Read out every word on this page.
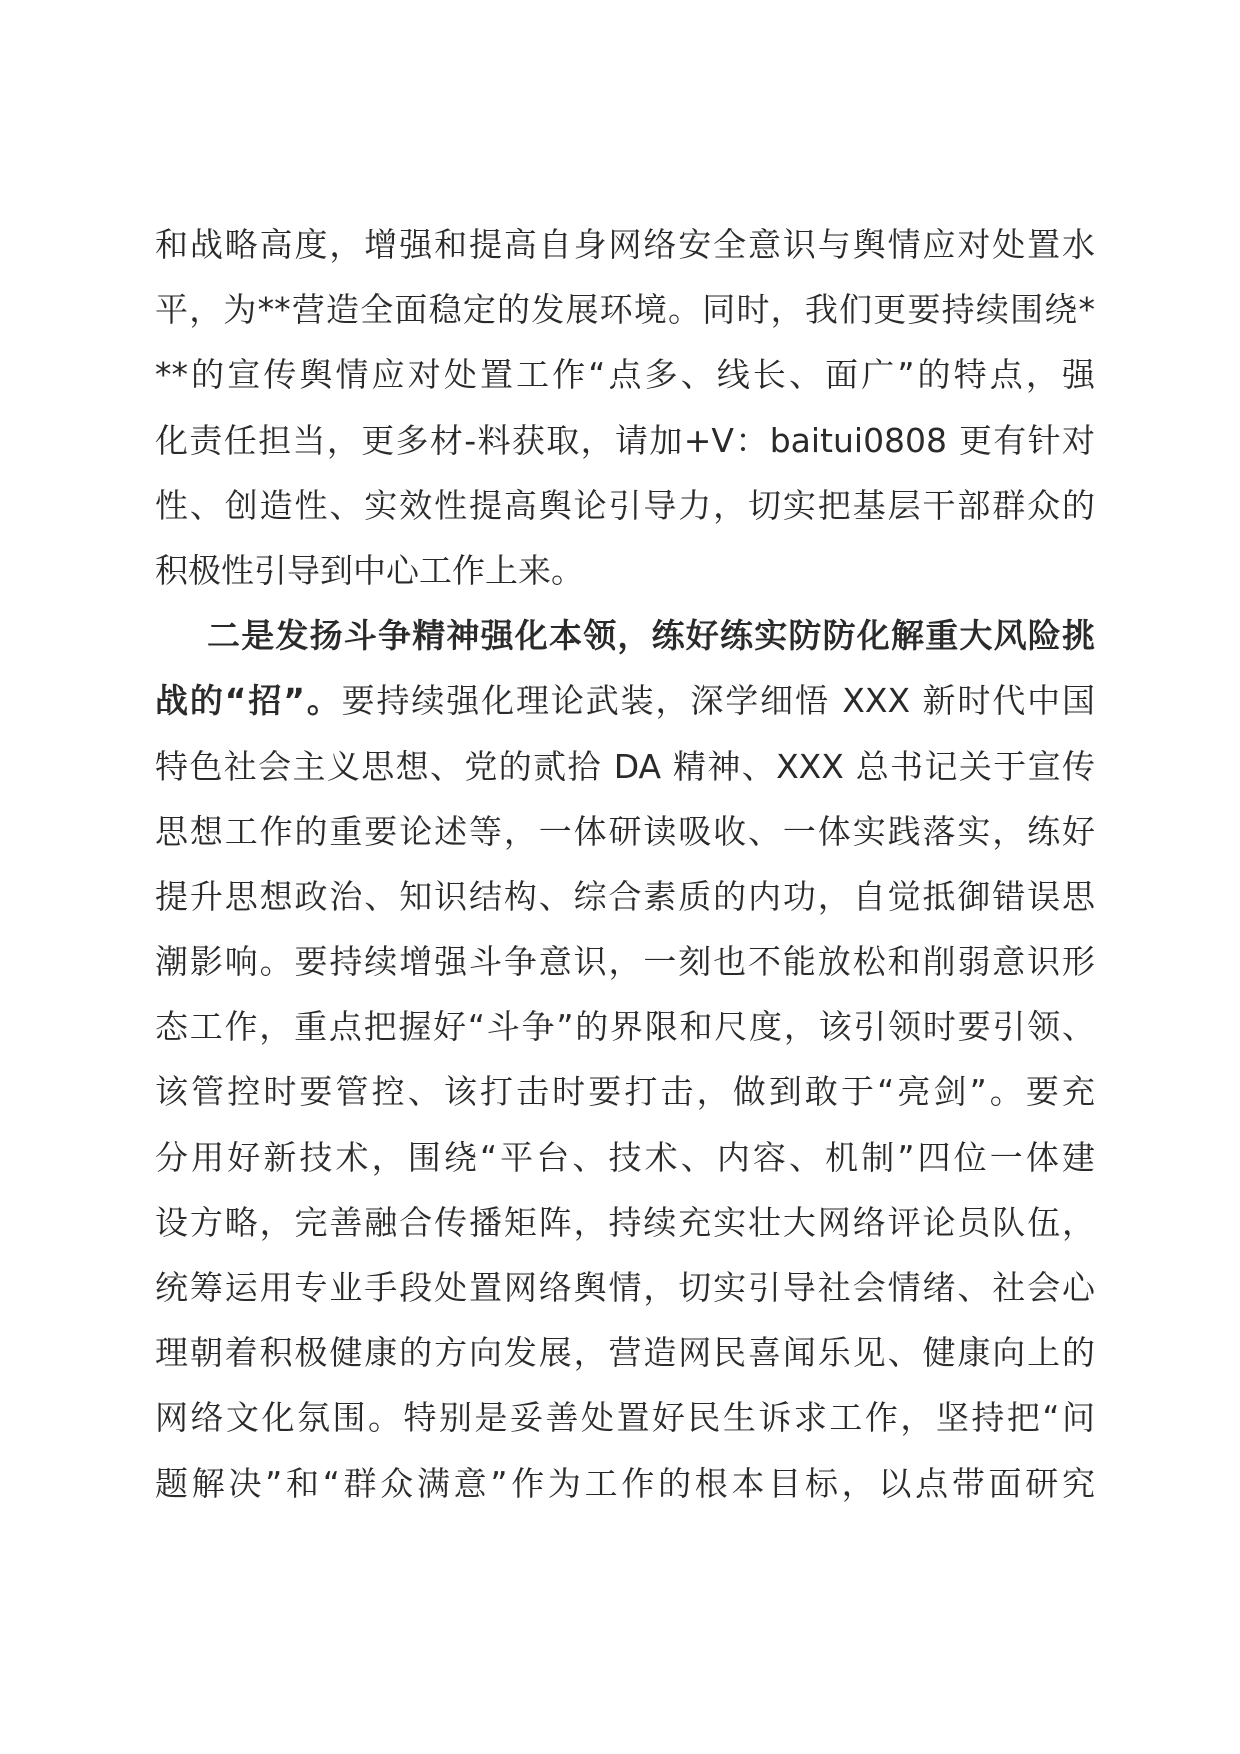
和战略高度，增强和提高自身网络安全意识与舆情应对处置水
平，为**营造全面稳定的发展环境。同时，我们更要持续围绕*
**的宣传舆情应对处置工作“点多、线长、面广”的特点，强
化责任担当，更多材-料获取，请加+V：baitui0808 更有针对
性、创造性、实效性提高舆论引导力，切实把基层干部群众的
积极性引导到中心工作上来。
二是发扬斗争精神强化本领，练好练实防防化解重大风险挑
战的“招”。要持续强化理论武装，深学细悟 XXX 新时代中国
特色社会主义思想、党的贰拾 DA 精神、XXX 总书记关于宣传
思想工作的重要论述等，一体研读吸收、一体实践落实，练好
提升思想政治、知识结构、综合素质的内功，自觉抵御错误思
潮影响。要持续增强斗争意识，一刻也不能放松和削弱意识形
态工作，重点把握好“斗争”的界限和尺度，该引领时要引领、
该管控时要管控、该打击时要打击，做到敢于“亮剑”。要充
分用好新技术，围绕“平台、技术、内容、机制”四位一体建
设方略，完善融合传播矩阵，持续充实壮大网络评论员队伍，
统筹运用专业手段处置网络舆情，切实引导社会情绪、社会心
理朝着积极健康的方向发展，营造网民喜闻乐见、健康向上的
网络文化氛围。特别是妥善处置好民生诉求工作，坚持把“问
题解决”和“群众满意”作为工作的根本目标，以点带面研究
